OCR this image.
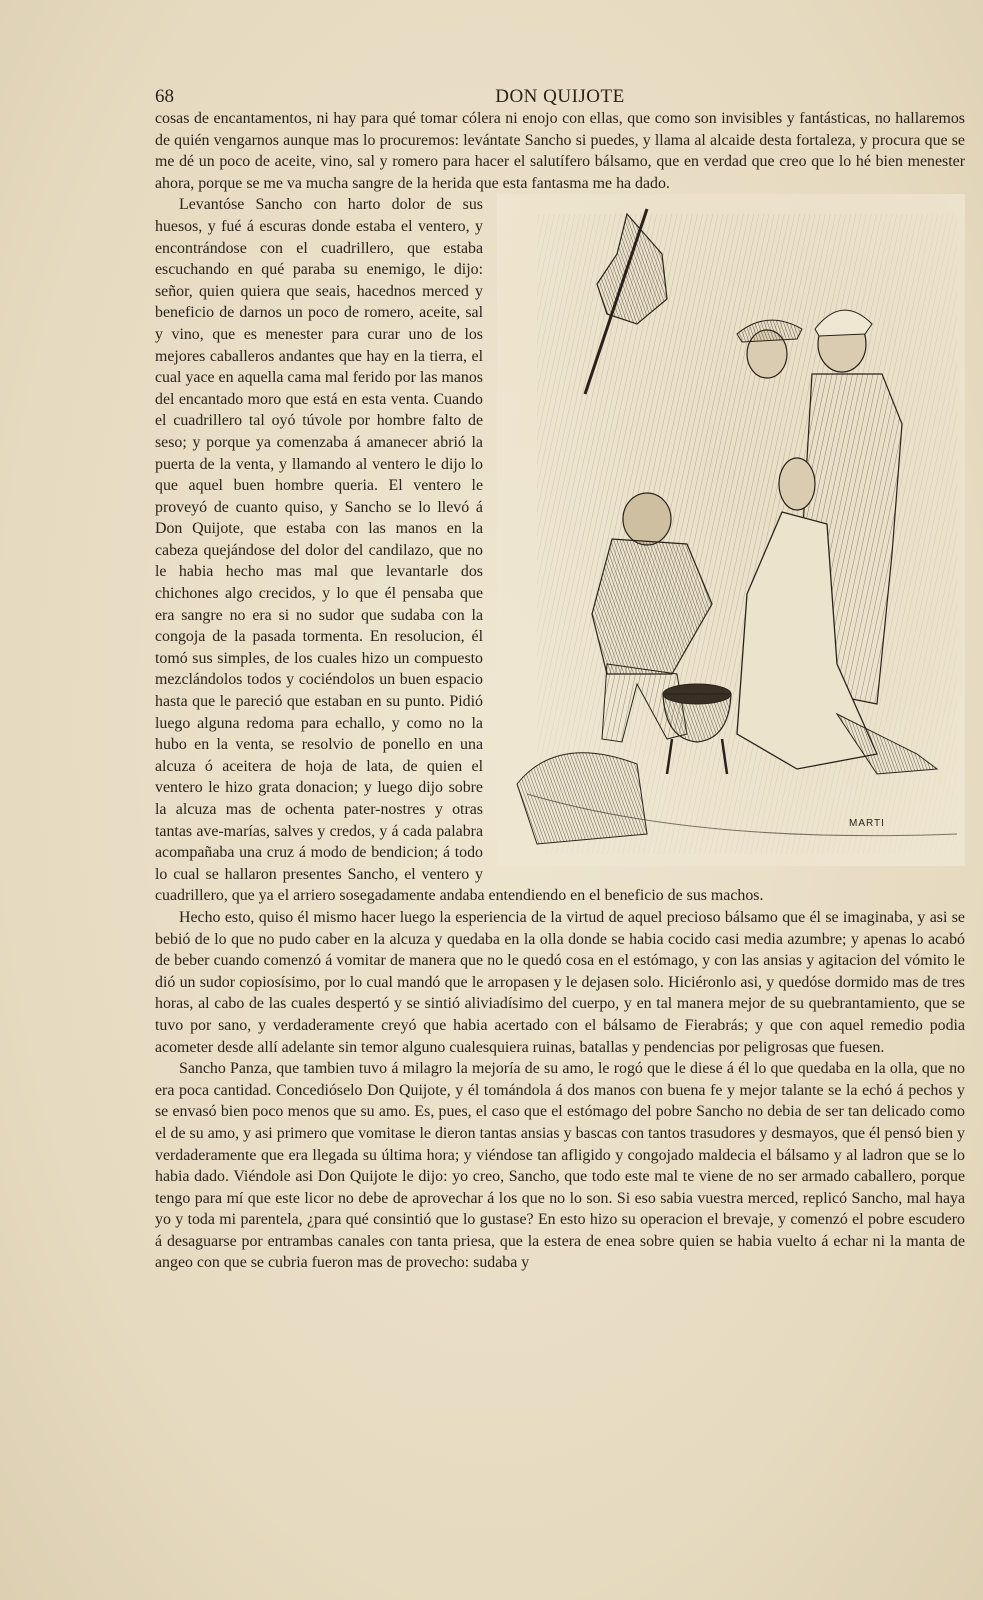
68	DON QUIJOTE

cosas de encantamentos, ni hay para qué tomar cólera ni enojo con ellas, que como son invisibles y fantásticas, no hallaremos de quién vengarnos aunque mas lo procuremos: levántate Sancho si puedes, y llama al alcaide desta fortaleza, y procura que se me dé un poco de aceite, vino, sal y romero para hacer el salutífero bálsamo, que en verdad que creo que lo hé bien menester ahora, porque se me va mucha sangre de la herida que esta fantasma me ha dado.

MARTI

Levantóse Sancho con harto dolor de sus huesos, y fué á escuras donde estaba el ventero, y encontrándose con el cuadrillero, que estaba escuchando en qué paraba su enemigo, le dijo: señor, quien quiera que seais, hacednos merced y beneficio de darnos un poco de romero, aceite, sal y vino, que es menester para curar uno de los mejores caballeros andantes que hay en la tierra, el cual yace en aquella cama mal ferido por las manos del encantado moro que está en esta venta. Cuando el cuadrillero tal oyó túvole por hombre falto de seso; y porque ya comenzaba á amanecer abrió la puerta de la venta, y llamando al ventero le dijo lo que aquel buen hombre queria. El ventero le proveyó de cuanto quiso, y Sancho se lo llevó á Don Quijote, que estaba con las manos en la cabeza quejándose del dolor del candilazo, que no le habia hecho mas mal que levantarle dos chichones algo crecidos, y lo que él pensaba que era sangre no era si no sudor que sudaba con la congoja de la pasada tormenta. En resolucion, él tomó sus simples, de los cuales hizo un compuesto mezclándolos todos y cociéndolos un buen espacio hasta que le pareció que estaban en su punto. Pidió luego alguna redoma para echallo, y como no la hubo en la venta, se resolvio de ponello en una alcuza ó aceitera de hoja de lata, de quien el ventero le hizo grata donacion; y luego dijo sobre la alcuza mas de ochenta pater-nostres y otras tantas ave-marías, salves y credos, y á cada palabra acompañaba una cruz á modo de bendicion; á todo lo cual se hallaron presentes Sancho, el ventero y cuadrillero, que ya el arriero sosegadamente andaba entendiendo en el beneficio de sus machos.

Hecho esto, quiso él mismo hacer luego la esperiencia de la virtud de aquel precioso bálsamo que él se imaginaba, y asi se bebió de lo que no pudo caber en la alcuza y quedaba en la olla donde se habia cocido casi media azumbre; y apenas lo acabó de beber cuando comenzó á vomitar de manera que no le quedó cosa en el estómago, y con las ansias y agitacion del vómito le dió un sudor copiosísimo, por lo cual mandó que le arropasen y le dejasen solo. Hiciéronlo asi, y quedóse dormido mas de tres horas, al cabo de las cuales despertó y se sintió aliviadísimo del cuerpo, y en tal manera mejor de su quebrantamiento, que se tuvo por sano, y verdaderamente creyó que habia acertado con el bálsamo de Fierabrás; y que con aquel remedio podia acometer desde allí adelante sin temor alguno cualesquiera ruinas, batallas y pendencias por peligrosas que fuesen.

Sancho Panza, que tambien tuvo á milagro la mejoría de su amo, le rogó que le diese á él lo que quedaba en la olla, que no era poca cantidad. Concedióselo Don Quijote, y él tomándola á dos manos con buena fe y mejor talante se la echó á pechos y se envasó bien poco menos que su amo. Es, pues, el caso que el estómago del pobre Sancho no debia de ser tan delicado como el de su amo, y asi primero que vomitase le dieron tantas ansias y bascas con tantos trasudores y desmayos, que él pensó bien y verdaderamente que era llegada su última hora; y viéndose tan afligido y congojado maldecia el bálsamo y al ladron que se lo habia dado. Viéndole asi Don Quijote le dijo: yo creo, Sancho, que todo este mal te viene de no ser armado caballero, porque tengo para mí que este licor no debe de aprovechar á los que no lo son. Si eso sabia vuestra merced, replicó Sancho, mal haya yo y toda mi parentela, ¿para qué consintió que lo gustase? En esto hizo su operacion el brevaje, y comenzó el pobre escudero á desaguarse por entrambas canales con tanta priesa, que la estera de enea sobre quien se habia vuelto á echar ni la manta de angeo con que se cubria fueron mas de provecho: sudaba y
